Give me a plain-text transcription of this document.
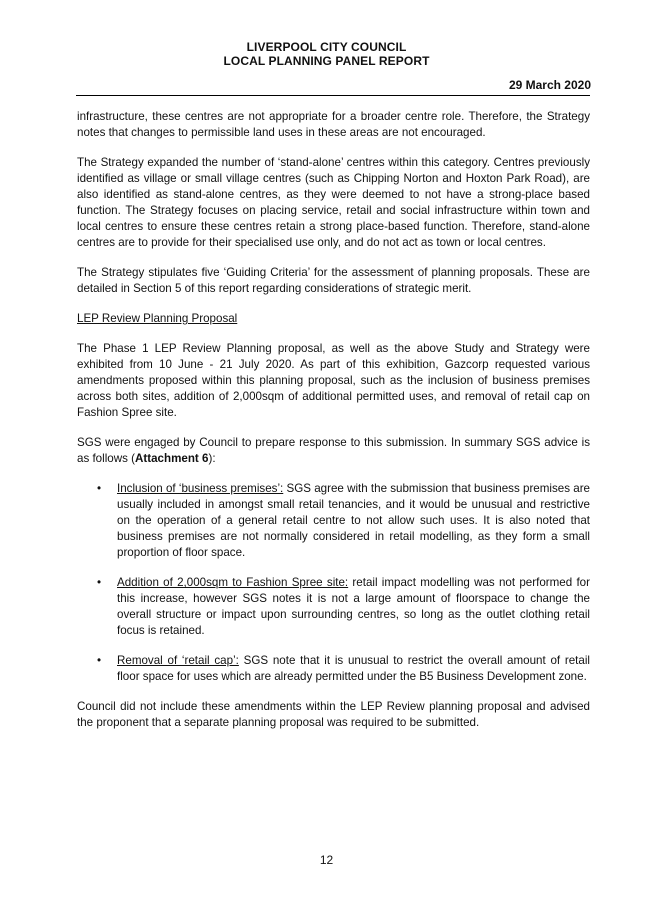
LIVERPOOL CITY COUNCIL
LOCAL PLANNING PANEL REPORT
29 March 2020

infrastructure, these centres are not appropriate for a broader centre role. Therefore, the Strategy notes that changes to permissible land uses in these areas are not encouraged.

The Strategy expanded the number of ‘stand-alone’ centres within this category. Centres previously identified as village or small village centres (such as Chipping Norton and Hoxton Park Road), are also identified as stand-alone centres, as they were deemed to not have a strong-place based function. The Strategy focuses on placing service, retail and social infrastructure within town and local centres to ensure these centres retain a strong place-based function. Therefore, stand-alone centres are to provide for their specialised use only, and do not act as town or local centres.

The Strategy stipulates five ‘Guiding Criteria’ for the assessment of planning proposals. These are detailed in Section 5 of this report regarding considerations of strategic merit.

LEP Review Planning Proposal

The Phase 1 LEP Review Planning proposal, as well as the above Study and Strategy were exhibited from 10 June - 21 July 2020. As part of this exhibition, Gazcorp requested various amendments proposed within this planning proposal, such as the inclusion of business premises across both sites, addition of 2,000sqm of additional permitted uses, and removal of retail cap on Fashion Spree site.

SGS were engaged by Council to prepare response to this submission. In summary SGS advice is as follows (Attachment 6):

• Inclusion of ‘business premises’: SGS agree with the submission that business premises are usually included in amongst small retail tenancies, and it would be unusual and restrictive on the operation of a general retail centre to not allow such uses. It is also noted that business premises are not normally considered in retail modelling, as they form a small proportion of floor space.
• Addition of 2,000sqm to Fashion Spree site: retail impact modelling was not performed for this increase, however SGS notes it is not a large amount of floorspace to change the overall structure or impact upon surrounding centres, so long as the outlet clothing retail focus is retained.
• Removal of ‘retail cap’: SGS note that it is unusual to restrict the overall amount of retail floor space for uses which are already permitted under the B5 Business Development zone.

Council did not include these amendments within the LEP Review planning proposal and advised the proponent that a separate planning proposal was required to be submitted.

12
